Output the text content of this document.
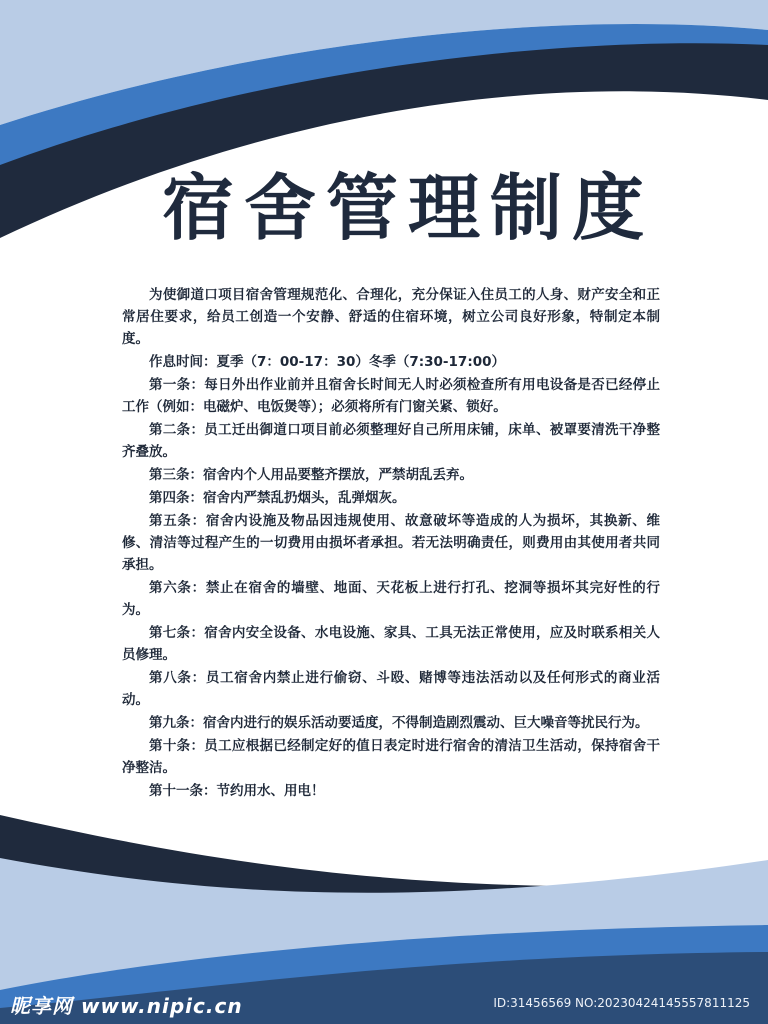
宿舍管理制度

为使御道口项目宿舍管理规范化、合理化，充分保证入住员工的人身、财产安全和正常居住要求，给员工创造一个安静、舒适的住宿环境，树立公司良好形象，特制定本制度。

作息时间：夏季（7：00-17：30）冬季（7:30-17:00）

第一条：每日外出作业前并且宿舍长时间无人时必须检查所有用电设备是否已经停止工作（例如：电磁炉、电饭煲等）；必须将所有门窗关紧、锁好。

第二条：员工迁出御道口项目前必须整理好自己所用床铺，床单、被罩要清洗干净整齐叠放。

第三条：宿舍内个人用品要整齐摆放，严禁胡乱丢弃。

第四条：宿舍内严禁乱扔烟头，乱弹烟灰。

第五条：宿舍内设施及物品因违规使用、故意破坏等造成的人为损坏，其换新、维修、清洁等过程产生的一切费用由损坏者承担。若无法明确责任，则费用由其使用者共同承担。

第六条：禁止在宿舍的墙壁、地面、天花板上进行打孔、挖洞等损坏其完好性的行为。

第七条：宿舍内安全设备、水电设施、家具、工具无法正常使用，应及时联系相关人员修理。

第八条：员工宿舍内禁止进行偷窃、斗殴、赌博等违法活动以及任何形式的商业活动。

第九条：宿舍内进行的娱乐活动要适度，不得制造剧烈震动、巨大噪音等扰民行为。

第十条：员工应根据已经制定好的值日表定时进行宿舍的清洁卫生活动，保持宿舍干净整洁。

第十一条：节约用水、用电！

昵享网 www.nipic.cn	ID:31456569 NO:20230424145557811125
